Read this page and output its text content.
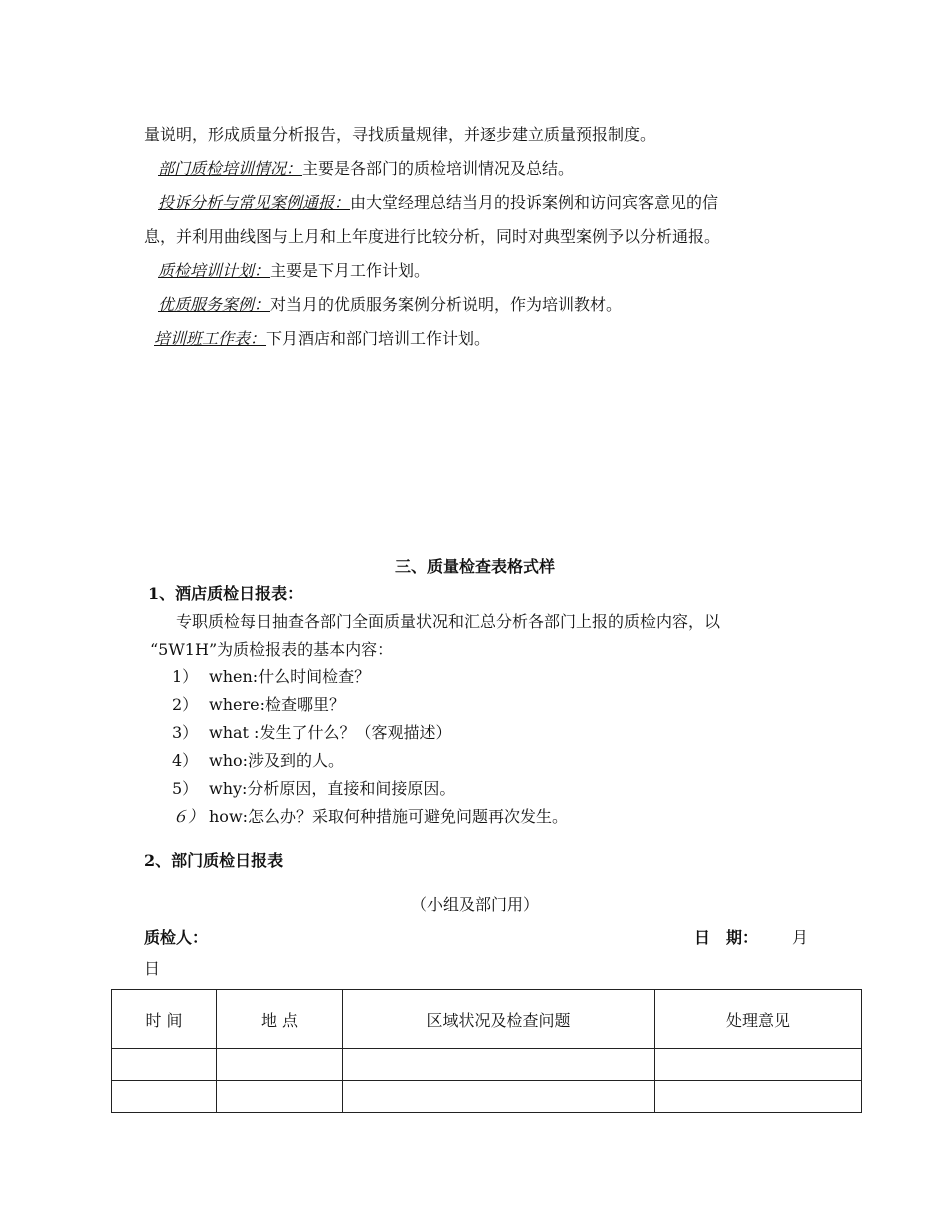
量说明，形成质量分析报告，寻找质量规律，并逐步建立质量预报制度。
部门质检培训情况：主要是各部门的质检培训情况及总结。
投诉分析与常见案例通报：由大堂经理总结当月的投诉案例和访问宾客意见的信
息，并利用曲线图与上月和上年度进行比较分析，同时对典型案例予以分析通报。
质检培训计划：主要是下月工作计划。
优质服务案例：对当月的优质服务案例分析说明，作为培训教材。
培训班工作表：下月酒店和部门培训工作计划。
三、质量检查表格式样
1、酒店质检日报表：
专职质检每日抽查各部门全面质量状况和汇总分析各部门上报的质检内容，以
“5W1H”为质检报表的基本内容：
1） when:什么时间检查？
2） where:检查哪里？
3） what :发生了什么？（客观描述）
4） who:涉及到的人。
5） why:分析原因，直接和间接原因。
６） how:怎么办？采取何种措施可避免问题再次发生。
2、部门质检日报表
（小组及部门用）
质检人：	日　期： 月
日
时 间	地 点	区域状况及检查问题	处理意见
